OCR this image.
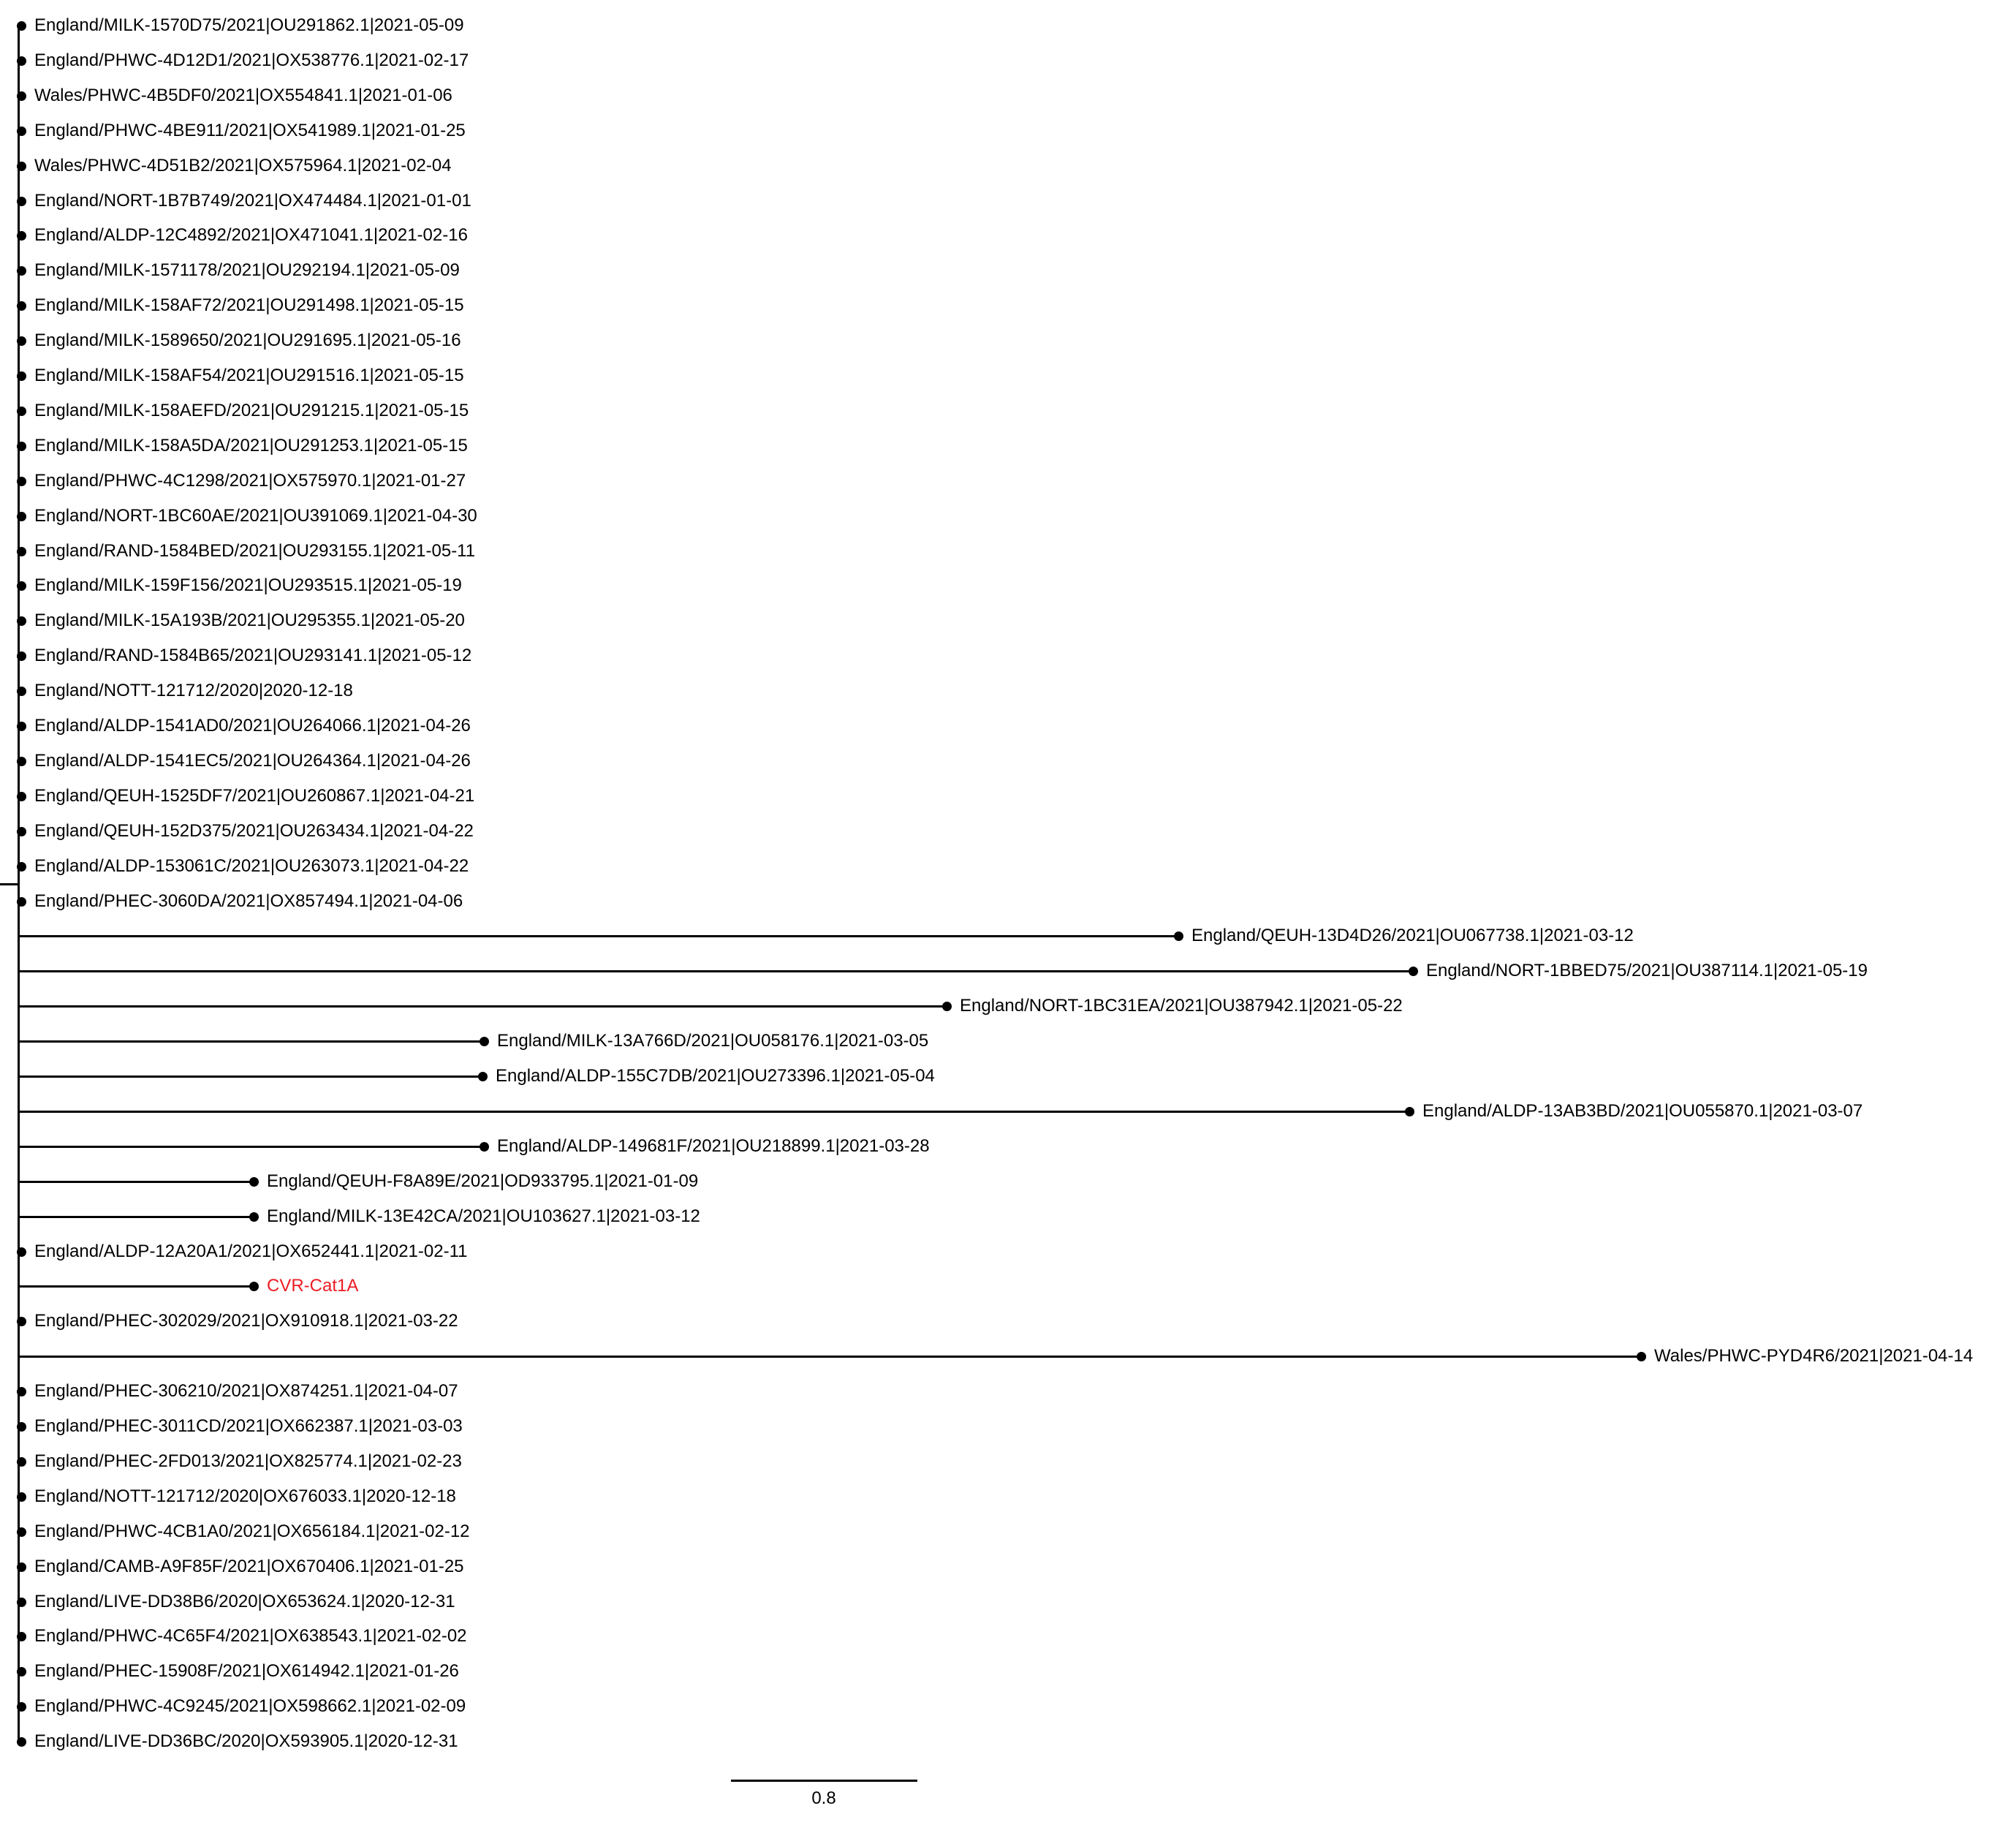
England/MILK-1570D75/2021|OU291862.1|2021-05-09
England/PHWC-4D12D1/2021|OX538776.1|2021-02-17
Wales/PHWC-4B5DF0/2021|OX554841.1|2021-01-06
England/PHWC-4BE911/2021|OX541989.1|2021-01-25
Wales/PHWC-4D51B2/2021|OX575964.1|2021-02-04
England/NORT-1B7B749/2021|OX474484.1|2021-01-01
England/ALDP-12C4892/2021|OX471041.1|2021-02-16
England/MILK-1571178/2021|OU292194.1|2021-05-09
England/MILK-158AF72/2021|OU291498.1|2021-05-15
England/MILK-1589650/2021|OU291695.1|2021-05-16
England/MILK-158AF54/2021|OU291516.1|2021-05-15
England/MILK-158AEFD/2021|OU291215.1|2021-05-15
England/MILK-158A5DA/2021|OU291253.1|2021-05-15
England/PHWC-4C1298/2021|OX575970.1|2021-01-27
England/NORT-1BC60AE/2021|OU391069.1|2021-04-30
England/RAND-1584BED/2021|OU293155.1|2021-05-11
England/MILK-159F156/2021|OU293515.1|2021-05-19
England/MILK-15A193B/2021|OU295355.1|2021-05-20
England/RAND-1584B65/2021|OU293141.1|2021-05-12
England/NOTT-121712/2020|2020-12-18
England/ALDP-1541AD0/2021|OU264066.1|2021-04-26
England/ALDP-1541EC5/2021|OU264364.1|2021-04-26
England/QEUH-1525DF7/2021|OU260867.1|2021-04-21
England/QEUH-152D375/2021|OU263434.1|2021-04-22
England/ALDP-153061C/2021|OU263073.1|2021-04-22
England/PHEC-3060DA/2021|OX857494.1|2021-04-06
England/QEUH-13D4D26/2021|OU067738.1|2021-03-12
England/NORT-1BBED75/2021|OU387114.1|2021-05-19
England/NORT-1BC31EA/2021|OU387942.1|2021-05-22
England/MILK-13A766D/2021|OU058176.1|2021-03-05
England/ALDP-155C7DB/2021|OU273396.1|2021-05-04
England/ALDP-13AB3BD/2021|OU055870.1|2021-03-07
England/ALDP-149681F/2021|OU218899.1|2021-03-28
England/QEUH-F8A89E/2021|OD933795.1|2021-01-09
England/MILK-13E42CA/2021|OU103627.1|2021-03-12
England/ALDP-12A20A1/2021|OX652441.1|2021-02-11
CVR-Cat1A
England/PHEC-302029/2021|OX910918.1|2021-03-22
Wales/PHWC-PYD4R6/2021|2021-04-14
England/PHEC-306210/2021|OX874251.1|2021-04-07
England/PHEC-3011CD/2021|OX662387.1|2021-03-03
England/PHEC-2FD013/2021|OX825774.1|2021-02-23
England/NOTT-121712/2020|OX676033.1|2020-12-18
England/PHWC-4CB1A0/2021|OX656184.1|2021-02-12
England/CAMB-A9F85F/2021|OX670406.1|2021-01-25
England/LIVE-DD38B6/2020|OX653624.1|2020-12-31
England/PHWC-4C65F4/2021|OX638543.1|2021-02-02
England/PHEC-15908F/2021|OX614942.1|2021-01-26
England/PHWC-4C9245/2021|OX598662.1|2021-02-09
England/LIVE-DD36BC/2020|OX593905.1|2020-12-31
0.8
